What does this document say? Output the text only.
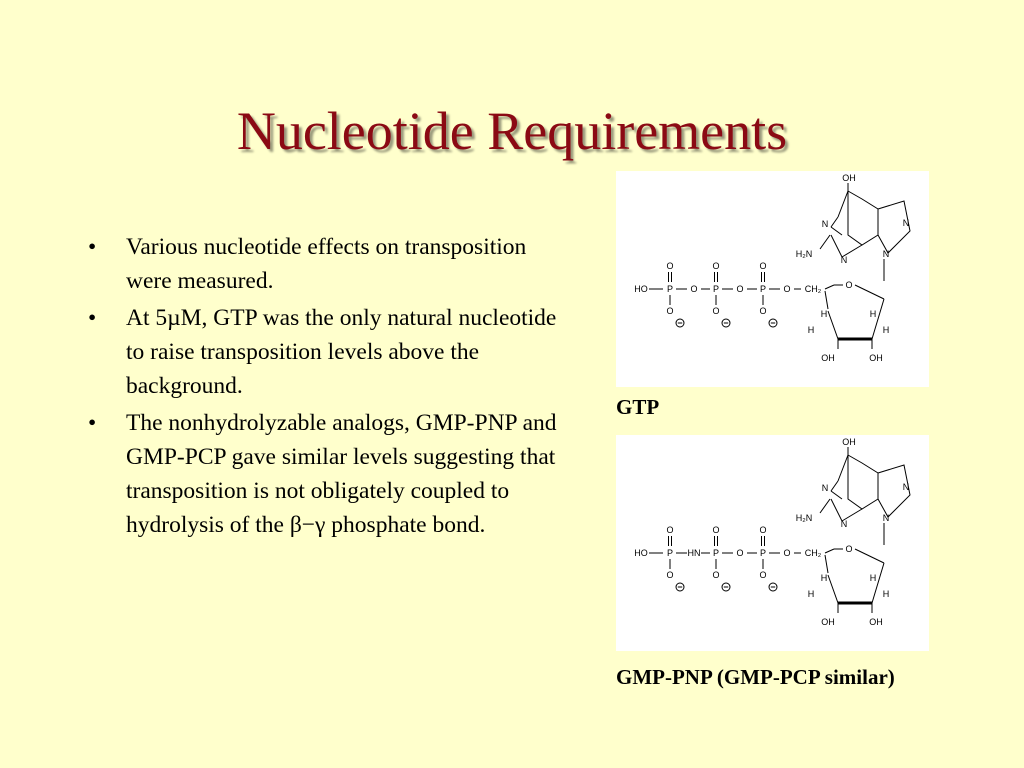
Nucleotide Requirements
• Various nucleotide effects on transposition were measured.
• At 5µM, GTP was the only natural nucleotide to raise transposition levels above the background.
• The nonhydrolyzable analogs, GMP-PNP and GMP-PCP gave similar levels suggesting that transposition is not obligately coupled to hydrolysis of the β−γ phosphate bond.
HO P
O
O
P
O
O
P
O
O
O	O	O CH₂	O
H
H
H
H
OH	OH
N
OH
N
N
H₂N
N
GTP
HO P
O
O
P
O
O
P
O
O
HN	O	O CH₂	O
H
H
H
H
OH	OH
N
OH
N
N
H₂N
N
GMP-PNP (GMP-PCP similar)
